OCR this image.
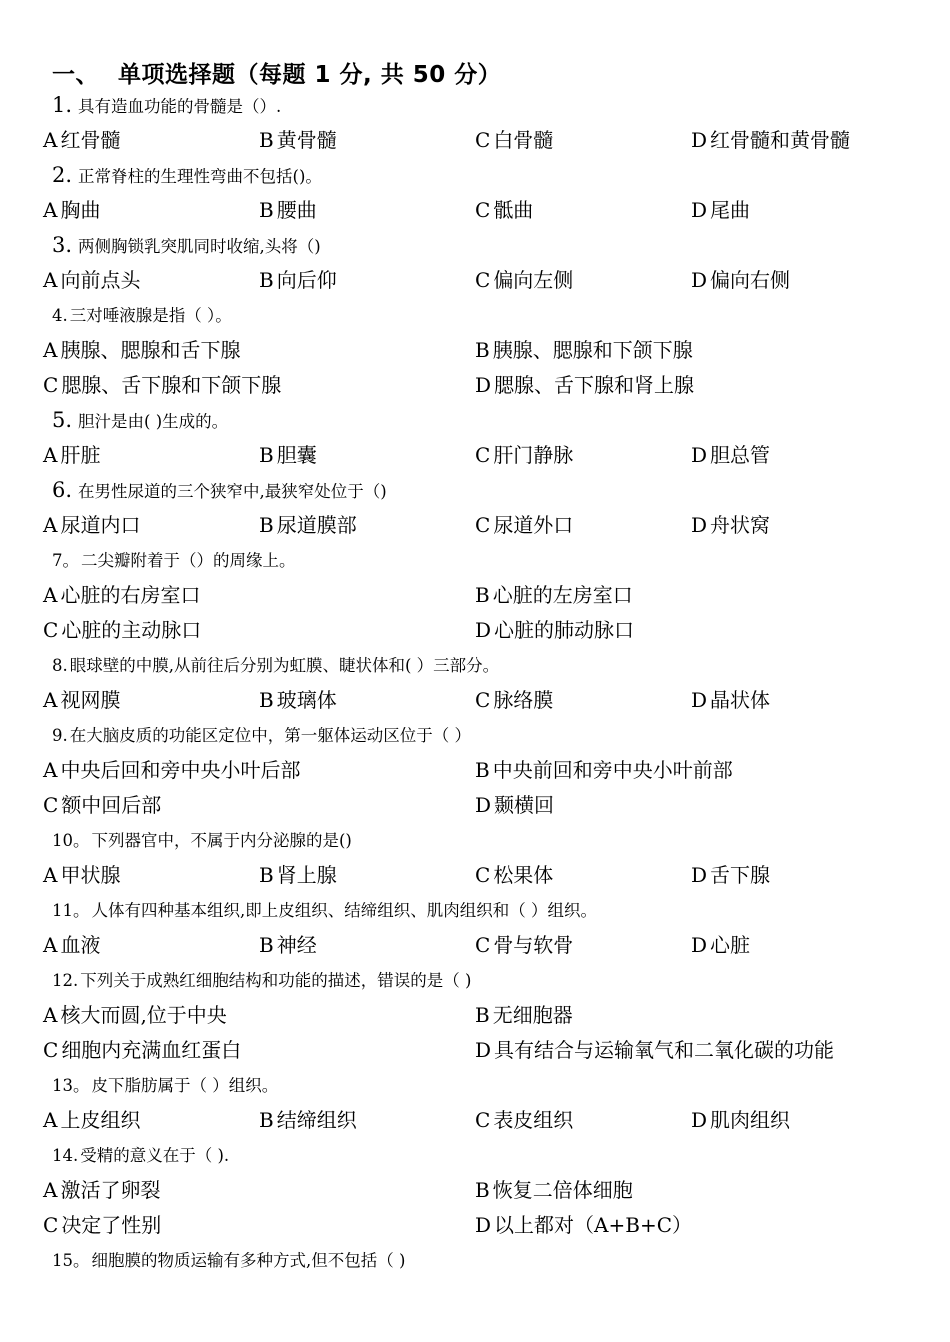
一、 单项选择题（每题 1 分, 共 50 分）
1. 具有造血功能的骨髓是（）.
A 红骨髓	B 黄骨髓	C 白骨髓	D 红骨髓和黄骨髓
2. 正常脊柱的生理性弯曲不包括()。
A 胸曲	B 腰曲	C 骶曲	D 尾曲
3. 两侧胸锁乳突肌同时收缩,头将（)
A 向前点头	B 向后仰	C 偏向左侧	D 偏向右侧
4. 三对唾液腺是指（ ）。
A 胰腺、腮腺和舌下腺	B 胰腺、腮腺和下颌下腺
C 腮腺、舌下腺和下颌下腺	D 腮腺、舌下腺和肾上腺
5. 胆汁是由( )生成的。
A 肝脏	B 胆囊	C 肝门静脉	D 胆总管
6. 在男性尿道的三个狭窄中,最狭窄处位于（)
A 尿道内口	B 尿道膜部	C 尿道外口	D 舟状窝
7。 二尖瓣附着于（）的周缘上。
A 心脏的右房室口	B 心脏的左房室口
C 心脏的主动脉口	D 心脏的肺动脉口
8. 眼球壁的中膜,从前往后分别为虹膜、睫状体和( ）三部分。
A 视网膜	B 玻璃体	C 脉络膜	D 晶状体
9. 在大脑皮质的功能区定位中，第一躯体运动区位于（ ）
A 中央后回和旁中央小叶后部	B 中央前回和旁中央小叶前部
C 额中回后部	D 颞横回
10。 下列器官中，不属于内分泌腺的是()
A 甲状腺	B 肾上腺	C 松果体	D 舌下腺
11。 人体有四种基本组织,即上皮组织、结缔组织、肌肉组织和（ ）组织。
A 血液	B 神经	C 骨与软骨	D 心脏
12. 下列关于成熟红细胞结构和功能的描述，错误的是（ )
A 核大而圆,位于中央	B 无细胞器
C 细胞内充满血红蛋白	D 具有结合与运输氧气和二氧化碳的功能
13。 皮下脂肪属于（ ）组织。
A 上皮组织	B 结缔组织	C 表皮组织	D 肌肉组织
14. 受精的意义在于（ ).
A 激活了卵裂	B 恢复二倍体细胞
C 决定了性别	D 以上都对（A+B+C）
15。 细胞膜的物质运输有多种方式,但不包括（ )
